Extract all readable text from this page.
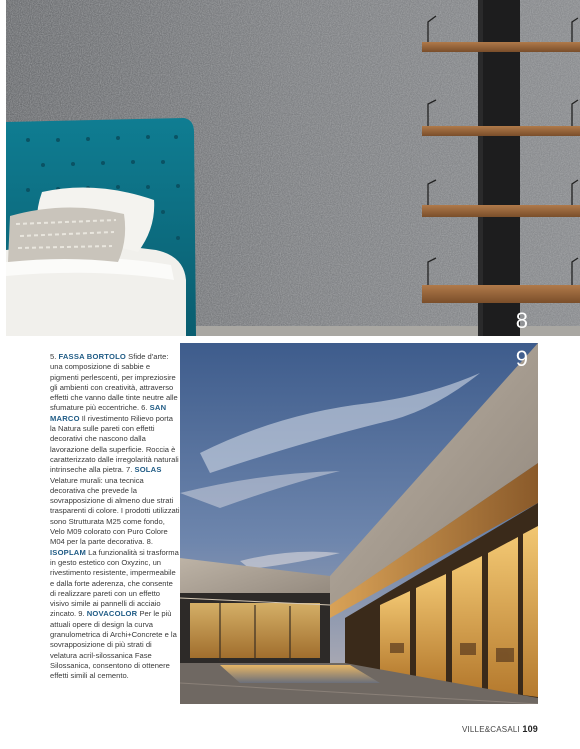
8

5. FASSA BORTOLO Sfide d'arte: una composizione di sabbie e pigmenti perlescenti, per impreziosire gli ambienti con creatività, attraverso effetti che vanno dalle tinte neutre alle sfumature più eccentriche. 6. SAN MARCO Il rivestimento Rilievo porta la Natura sulle pareti con effetti decorativi che nascono dalla lavorazione della superficie. Roccia è caratterizzato dalle irregolarità naturali intrinseche alla pietra. 7. SOLAS Velature murali: una tecnica decorativa che prevede la sovrapposizione di almeno due strati trasparenti di colore. I prodotti utilizzati sono Strutturata M25 come fondo, Velo M09 colorato con Puro Colore M04 per la parte decorativa. 8. ISOPLAM La funzionalità si trasforma in gesto estetico con Oxyzinc, un rivestimento resistente, impermeabile e dalla forte aderenza, che consente di realizzare pareti con un effetto visivo simile ai pannelli di acciaio zincato. 9. NOVACOLOR Per le più attuali opere di design la curva granulometrica di Archi+Concrete e la sovrapposizione di più strati di velatura acril-silossanica Fase Silossanica, consentono di ottenere effetti simili al cemento.

9
VILLE&CASALI 109
